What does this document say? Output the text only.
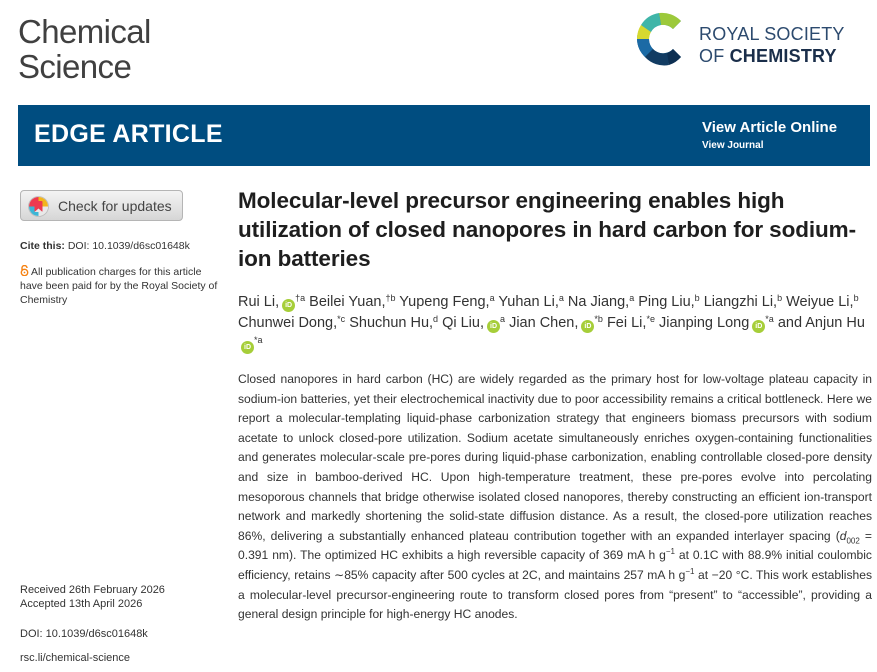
Chemical
Science
ROYAL SOCIETY
OF CHEMISTRY
EDGE ARTICLE	View Article Online
View Journal
Check for updates
Cite this: DOI: 10.1039/d6sc01648k
All publication charges for this article have been paid for by the Royal Society of Chemistry
Received 26th February 2026
Accepted 13th April 2026
DOI: 10.1039/d6sc01648k
rsc.li/chemical-science
Molecular-level precursor engineering enables high utilization of closed nanopores in hard carbon for sodium-ion batteries
Rui Li, $iD^{\dagger a}$ Beilei Yuan,$^{\dagger b}$ Yupeng Feng,$^a$ Yuhan Li,$^a$ Na Jiang,$^a$ Ping Liu,$^b$ Liangzhi Li,$^b$ Weiyue Li,$^b$ Chunwei Dong,$^{*c}$ Shuchun Hu,$^d$ Qi Liu, $iD^a$ Jian Chen, $iD^{*b}$ Fei Li,$^{*e}$ Jianping Long $iD^{*a}$ and Anjun HuiD$^{*a}$
Closed nanopores in hard carbon (HC) are widely regarded as the primary host for low-voltage plateau capacity in sodium-ion batteries, yet their electrochemical inactivity due to poor accessibility remains a critical bottleneck. Here we report a molecular-templating liquid-phase carbonization strategy that engineers biomass precursors with sodium acetate to unlock closed-pore utilization. Sodium acetate simultaneously enriches oxygen-containing functionalities and generates molecular-scale pre-pores during liquid-phase carbonization, enabling controllable closed-pore density and size in bamboo-derived HC. Upon high-temperature treatment, these pre-pores evolve into percolating mesoporous channels that bridge otherwise isolated closed nanopores, thereby constructing an efficient ion-transport network and markedly shortening the solid-state diffusion distance. As a result, the closed-pore utilization reaches 86%, delivering a substantially enhanced plateau contribution together with an expanded interlayer spacing ($d_{002} = 0.391$ nm). The optimized HC exhibits a high reversible capacity of 369 mA h $g^{-1}$ at 0.1C with 88.9% initial coulombic efficiency, retains ∼85% capacity after 500 cycles at 2C, and maintains 257 mA h $g^{-1}$ at −20 °C. This work establishes a molecular-level precursor-engineering route to transform closed pores from “present” to “accessible”, providing a general design principle for high-energy HC anodes.
